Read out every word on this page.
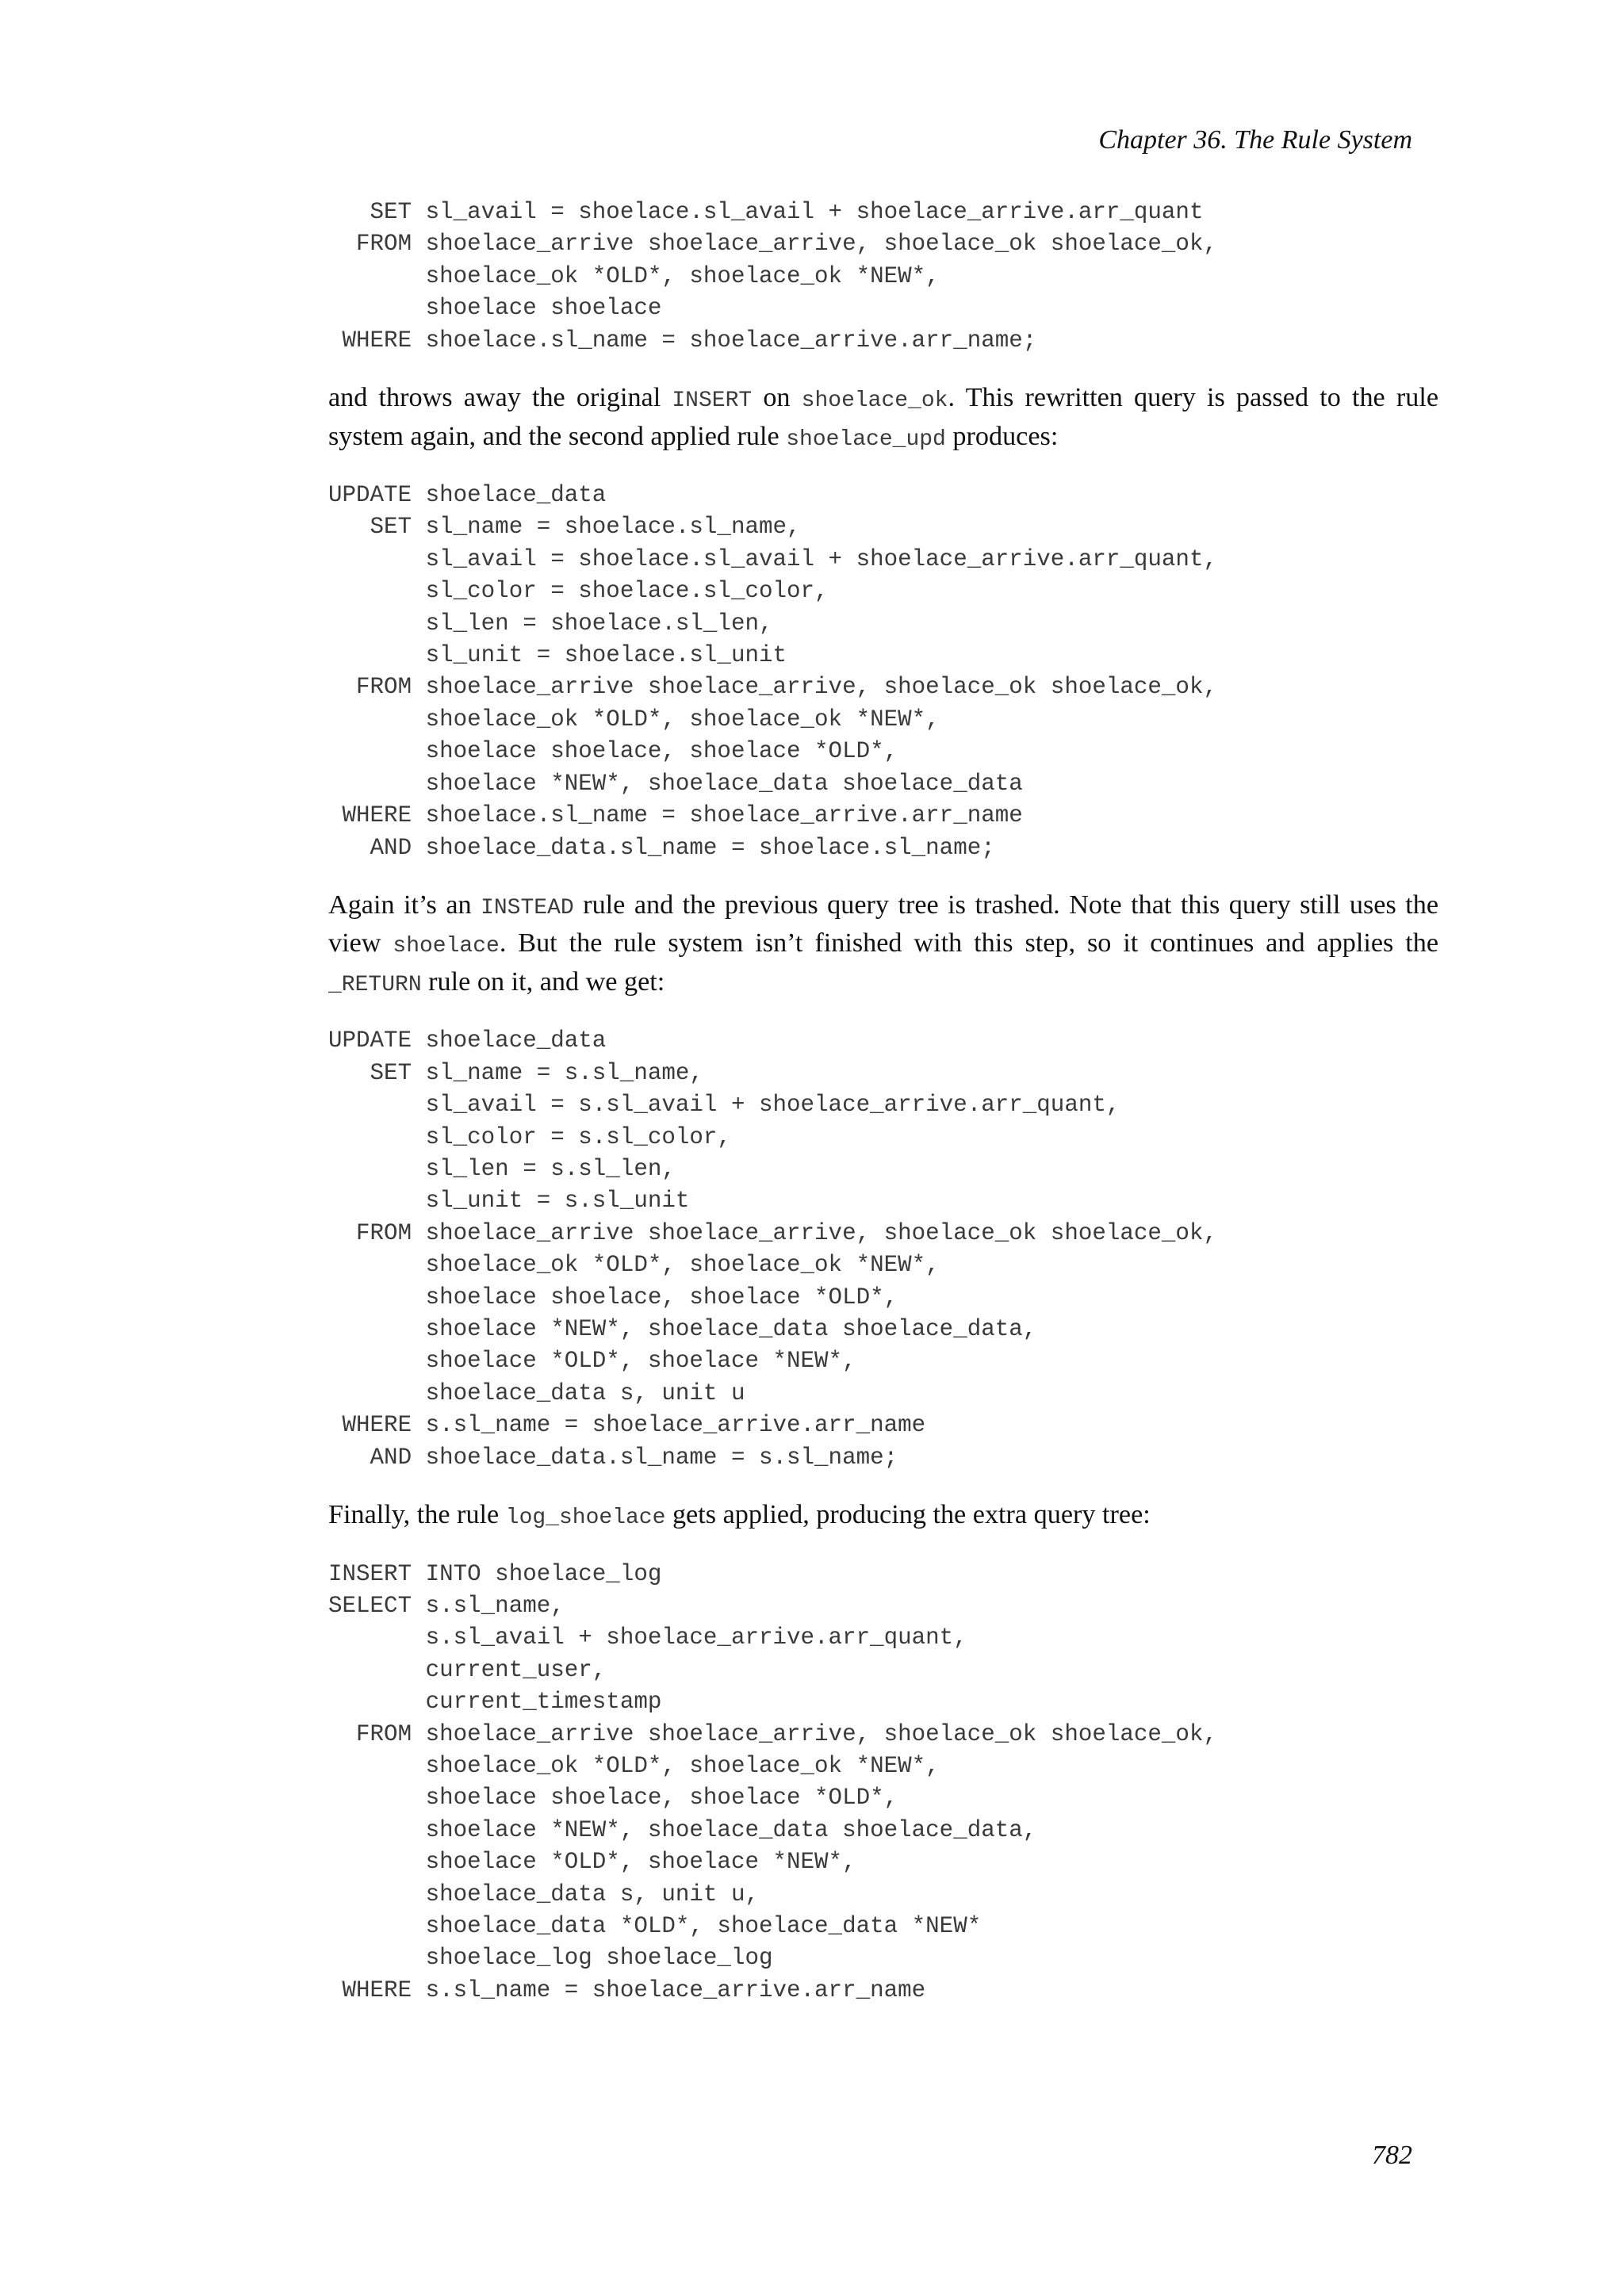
Chapter 36. The Rule System
SET sl_avail = shoelace.sl_avail + shoelace_arrive.arr_quant
FROM shoelace_arrive shoelace_arrive, shoelace_ok shoelace_ok,
shoelace_ok *OLD*, shoelace_ok *NEW*,
shoelace shoelace
WHERE shoelace.sl_name = shoelace_arrive.arr_name;

and throws away the original INSERT on shoelace_ok. This rewritten query is passed to the rule system again, and the second applied rule shoelace_upd produces:

UPDATE shoelace_data
SET sl_name = shoelace.sl_name,
sl_avail = shoelace.sl_avail + shoelace_arrive.arr_quant,
sl_color = shoelace.sl_color,
sl_len = shoelace.sl_len,
sl_unit = shoelace.sl_unit
FROM shoelace_arrive shoelace_arrive, shoelace_ok shoelace_ok,
shoelace_ok *OLD*, shoelace_ok *NEW*,
shoelace shoelace, shoelace *OLD*,
shoelace *NEW*, shoelace_data shoelace_data
WHERE shoelace.sl_name = shoelace_arrive.arr_name
AND shoelace_data.sl_name = shoelace.sl_name;

Again it’s an INSTEAD rule and the previous query tree is trashed. Note that this query still uses the view shoelace. But the rule system isn’t finished with this step, so it continues and applies the _RETURN rule on it, and we get:

UPDATE shoelace_data
SET sl_name = s.sl_name,
sl_avail = s.sl_avail + shoelace_arrive.arr_quant,
sl_color = s.sl_color,
sl_len = s.sl_len,
sl_unit = s.sl_unit
FROM shoelace_arrive shoelace_arrive, shoelace_ok shoelace_ok,
shoelace_ok *OLD*, shoelace_ok *NEW*,
shoelace shoelace, shoelace *OLD*,
shoelace *NEW*, shoelace_data shoelace_data,
shoelace *OLD*, shoelace *NEW*,
shoelace_data s, unit u
WHERE s.sl_name = shoelace_arrive.arr_name
AND shoelace_data.sl_name = s.sl_name;

Finally, the rule log_shoelace gets applied, producing the extra query tree:

INSERT INTO shoelace_log
SELECT s.sl_name,
s.sl_avail + shoelace_arrive.arr_quant,
current_user,
current_timestamp
FROM shoelace_arrive shoelace_arrive, shoelace_ok shoelace_ok,
shoelace_ok *OLD*, shoelace_ok *NEW*,
shoelace shoelace, shoelace *OLD*,
shoelace *NEW*, shoelace_data shoelace_data,
shoelace *OLD*, shoelace *NEW*,
shoelace_data s, unit u,
shoelace_data *OLD*, shoelace_data *NEW*
shoelace_log shoelace_log
WHERE s.sl_name = shoelace_arrive.arr_name
782
